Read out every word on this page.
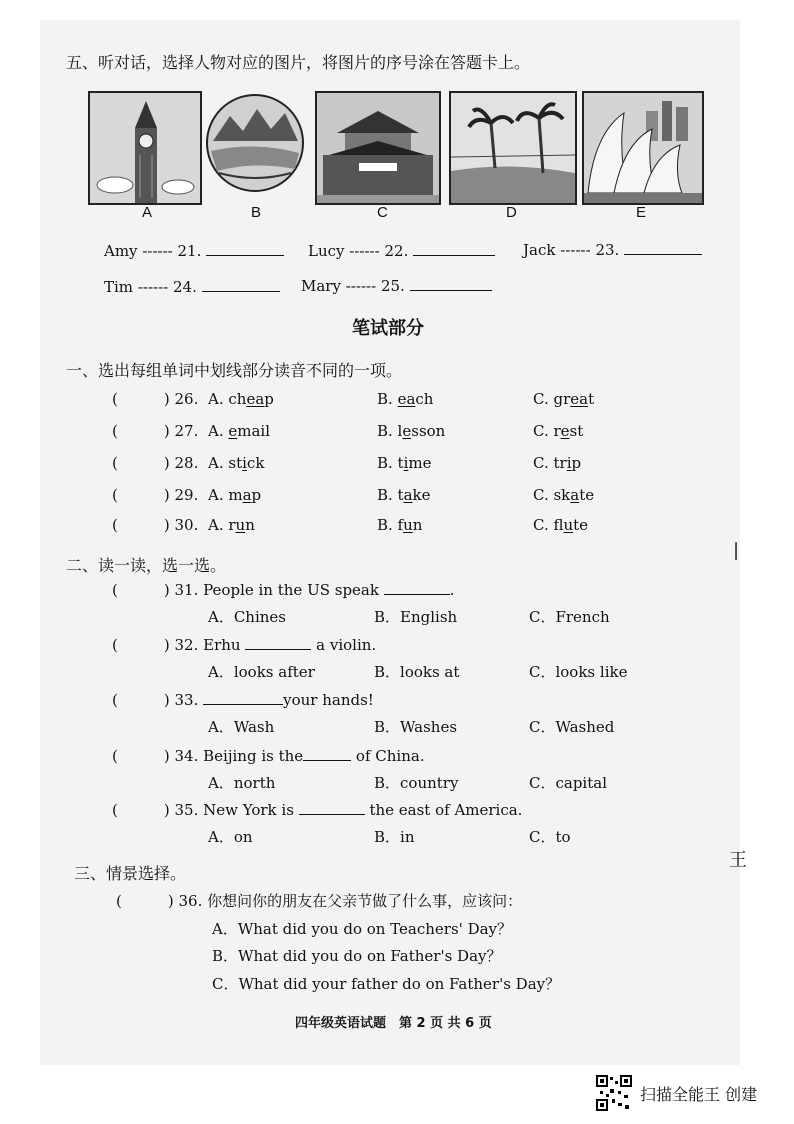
五、听对话，选择人物对应的图片，将图片的序号涂在答题卡上。
A	B	C	D	E
Amy ------ 21.	Lucy ------ 22.	Jack ------ 23.
Tim ------ 24.	Mary ------ 25.
笔试部分
一、选出每组单词中划线部分读音不同的一项。
(	) 26. A. cheap	B. each	C. great
(	) 27. A. email	B. lesson	C. rest
(	) 28. A. stick	B. time	C. trip
(	) 29. A. map	B. take	C. skate
(	) 30. A. run	B. fun	C. flute
二、读一读，选一选。
(	) 31. People in the US speak	.
A．Chines	B．English	C．French
(	) 32. Erhu	a violin.
A．looks after	B．looks at	C．looks like
(	) 33.	your hands!
A．Wash	B．Washes	C．Washed
(	) 34. Beijing is the	of China.
A．north	B．country	C．capital
(	) 35. New York is	the east of America.
A．on	B．in	C．to
三、情景选择。
(	) 36. 你想问你的朋友在父亲节做了什么事，应该问：
A．What did you do on Teachers' Day？
B．What did you do on Father's Day？
C．What did your father do on Father's Day？
四年级英语试题　第 2 页 共 6 页
|
王
扫描全能王 创建
